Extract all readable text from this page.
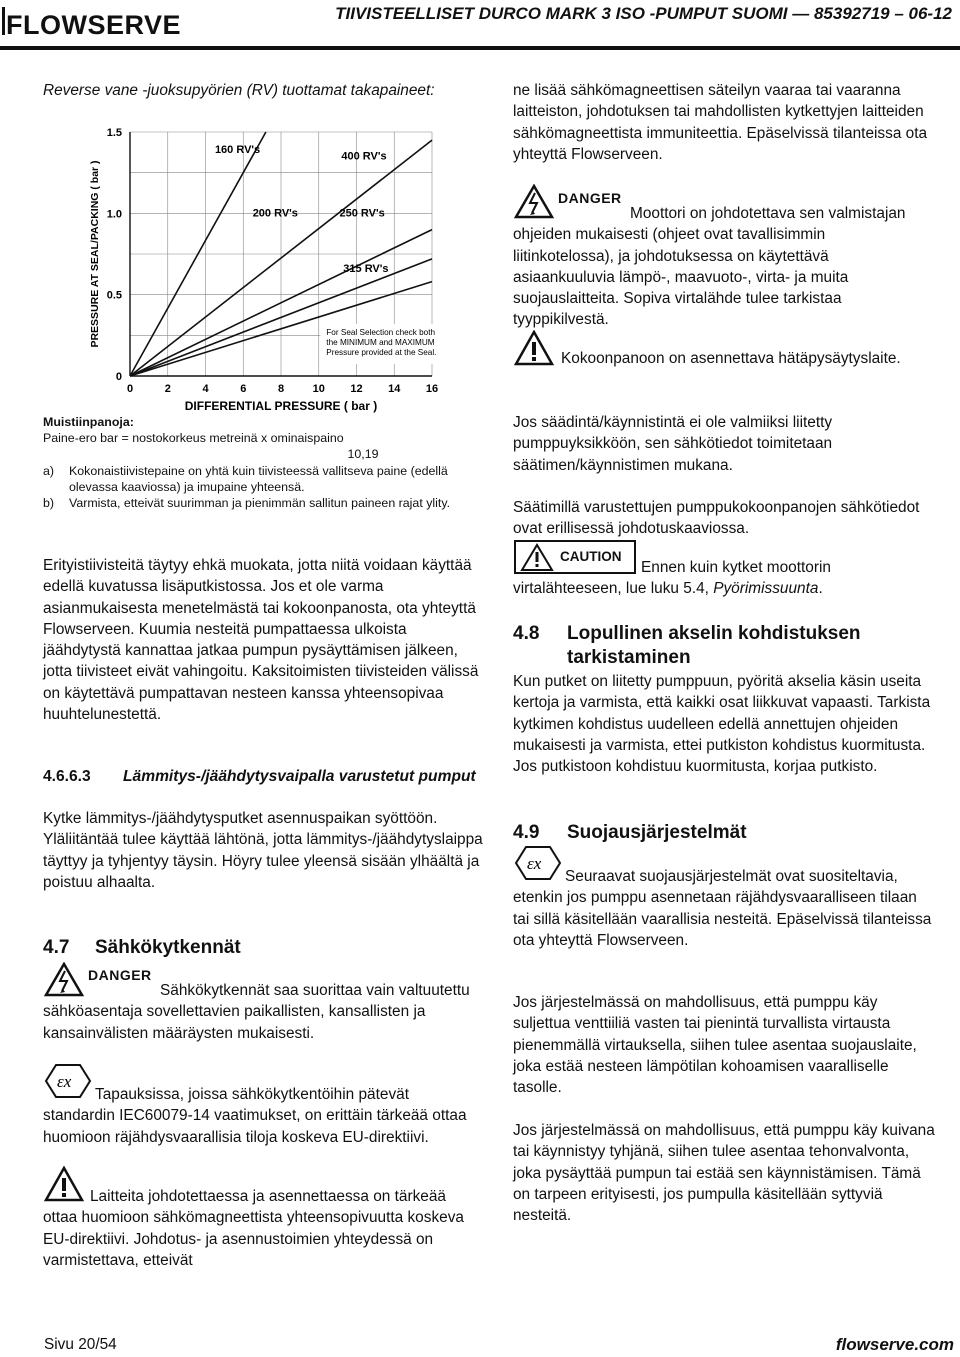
FLOWSERVE	TIIVISTEELLISET DURCO MARK 3 ISO -PUMPUT SUOMI — 85392719 – 06-12
Reverse vane -juoksupyörien (RV) tuottamat takapaineet:
0	2	4	6	8	10 12 14 16
0
0.5
1.0
1.5
DIFFERENTIAL PRESSURE ( bar )
PRESSURE AT SEAL/PACKING ( bar )
160 RV's
400 RV's
200 RV's	250 RV's
315 RV's
For Seal Selection check both
the MINIMUM and MAXIMUM
Pressure provided at the Seal.
Muistiinpanoja:
Paine-ero bar = nostokorkeus metreinä x ominaispaino
10,19
a)	Kokonaistiivistepaine on yhtä kuin tiivisteessä vallitseva paine (edellä olevassa kaaviossa) ja imupaine yhteensä.
b)	Varmista, etteivät suurimman ja pienimmän sallitun paineen rajat ylity.
Erityistiivisteitä täytyy ehkä muokata, jotta niitä voidaan käyttää edellä kuvatussa lisäputkistossa. Jos et ole varma asianmukaisesta menetelmästä tai kokoonpanosta, ota yhteyttä Flowserveen. Kuumia nesteitä pumpattaessa ulkoista jäähdytystä kannattaa jatkaa pumpun pysäyttämisen jälkeen, jotta tiivisteet eivät vahingoitu. Kaksitoimisten tiivisteiden välissä on käytettävä pumpattavan nesteen kanssa yhteensopivaa huuhtelunestettä.
4.6.6.3	Lämmitys-/jäähdytysvaipalla varustetut pumput
Kytke lämmitys-/jäähdytysputket asennuspaikan syöttöön. Yläliitäntää tulee käyttää lähtönä, jotta lämmitys-/jäähdytyslaippa täyttyy ja tyhjentyy täysin. Höyry tulee yleensä sisään ylhäältä ja poistuu alhaalta.
4.7	Sähkökytkennät
DANGER
Sähkökytkennät saa suorittaa vain valtuutettu sähköasentaja sovellettavien paikallisten, kansallisten ja kansainvälisten määräysten mukaisesti.
εx
Tapauksissa, joissa sähkökytkentöihin pätevät standardin IEC60079-14 vaatimukset, on erittäin tärkeää ottaa huomioon räjähdysvaarallisia tiloja koskeva EU-direktiivi.
Laitteita johdotettaessa ja asennettaessa on tärkeää ottaa huomioon sähkömagneettista yhteensopivuutta koskeva EU-direktiivi. Johdotus- ja asennustoimien yhteydessä on varmistettava, etteivät
ne lisää sähkömagneettisen säteilyn vaaraa tai vaaranna laitteiston, johdotuksen tai mahdollisten kytkettyjen laitteiden sähkömagneettista immuniteettia. Epäselvissä tilanteissa ota yhteyttä Flowserveen.
DANGER
Moottori on johdotettava sen valmistajan ohjeiden mukaisesti (ohjeet ovat tavallisimmin liitinkotelossa), ja johdotuksessa on käytettävä asiaankuuluvia lämpö-, maavuoto-, virta- ja muita suojauslaitteita. Sopiva virtalähde tulee tarkistaa tyyppikilvestä.
Kokoonpanoon on asennettava hätäpysäytyslaite.
Jos säädintä/käynnistintä ei ole valmiiksi liitetty pumppuyksikköön, sen sähkötiedot toimitetaan säätimen/käynnistimen mukana.
Säätimillä varustettujen pumppukokoonpanojen sähkötiedot ovat erillisessä johdotuskaaviossa.
CAUTION
Ennen kuin kytket moottorin virtalähteeseen, lue luku 5.4, Pyörimissuunta.
4.8	Lopullinen akselin kohdistuksen tarkistaminen
Kun putket on liitetty pumppuun, pyöritä akselia käsin useita kertoja ja varmista, että kaikki osat liikkuvat vapaasti. Tarkista kytkimen kohdistus uudelleen edellä annettujen ohjeiden mukaisesti ja varmista, ettei putkiston kohdistus kuormitusta. Jos putkistoon kohdistuu kuormitusta, korjaa putkisto.
4.9	Suojausjärjestelmät
εx
Seuraavat suojausjärjestelmät ovat suositeltavia, etenkin jos pumppu asennetaan räjähdysvaaralliseen tilaan tai sillä käsitellään vaarallisia nesteitä. Epäselvissä tilanteissa ota yhteyttä Flowserveen.
Jos järjestelmässä on mahdollisuus, että pumppu käy suljettua venttiiliä vasten tai pienintä turvallista virtausta pienemmällä virtauksella, siihen tulee asentaa suojauslaite, joka estää nesteen lämpötilan kohoamisen vaaralliselle tasolle.
Jos järjestelmässä on mahdollisuus, että pumppu käy kuivana tai käynnistyy tyhjänä, siihen tulee asentaa tehonvalvonta, joka pysäyttää pumpun tai estää sen käynnistämisen. Tämä on tarpeen erityisesti, jos pumpulla käsitellään syttyviä nesteitä.
Sivu 20/54	flowserve.com
